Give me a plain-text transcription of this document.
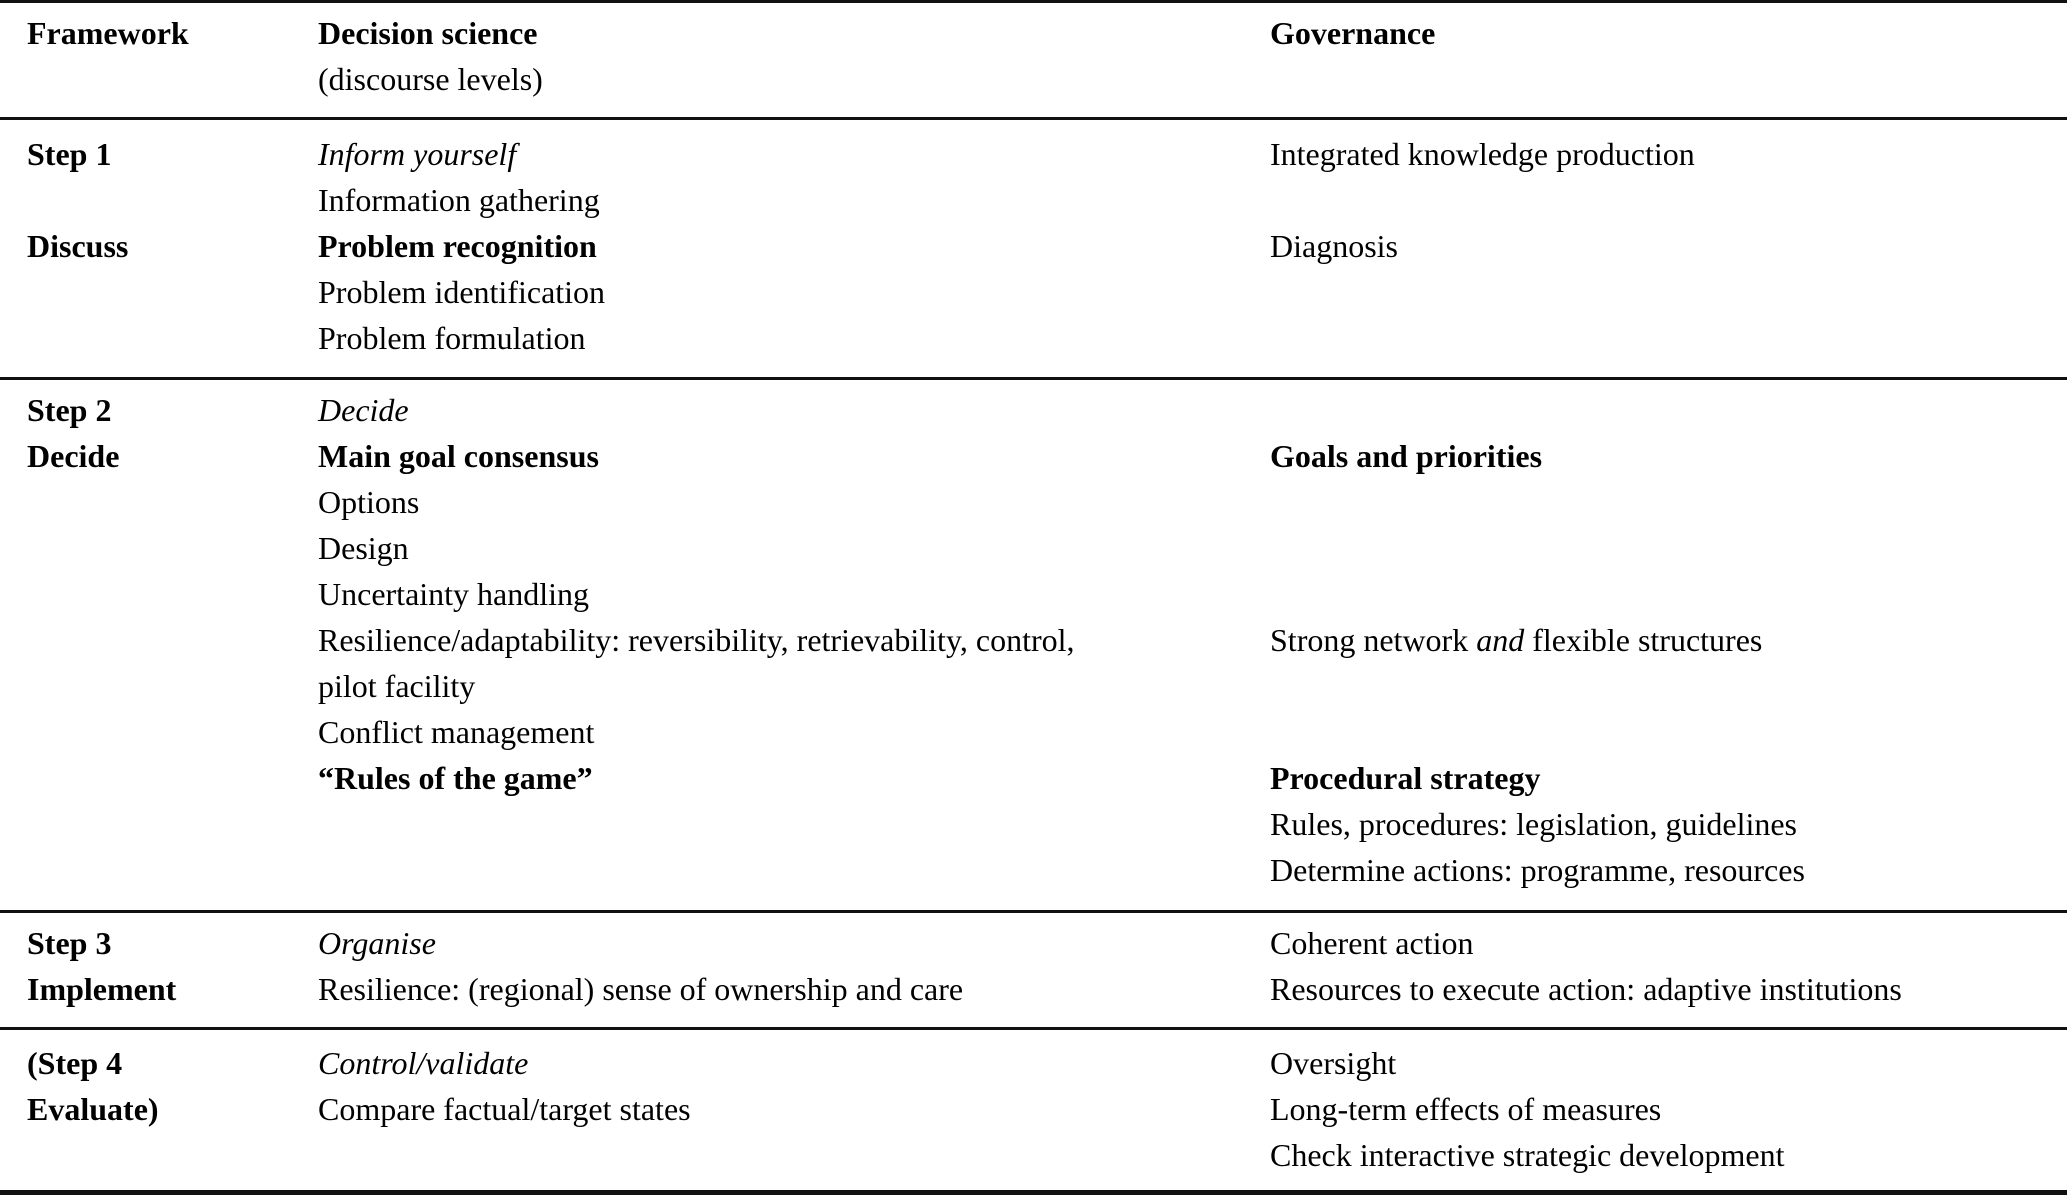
Framework	Decision science
(discourse levels)
Governance
Step 1
Discuss
Inform yourself
Information gathering
Problem recognition
Problem identification
Problem formulation
Integrated knowledge production
Diagnosis
Step 2
Decide
Decide
Main goal consensus
Options
Design
Uncertainty handling
Resilience/adaptability: reversibility, retrievability, control,
pilot facility
Conflict management
“Rules of the game”
Goals and priorities
Strong network and flexible structures
Procedural strategy
Rules, procedures: legislation, guidelines
Determine actions: programme, resources
Step 3
Implement
Organise
Resilience: (regional) sense of ownership and care
Coherent action
Resources to execute action: adaptive institutions
(Step 4
Evaluate)
Control/validate
Compare factual/target states
Oversight
Long-term effects of measures
Check interactive strategic development
